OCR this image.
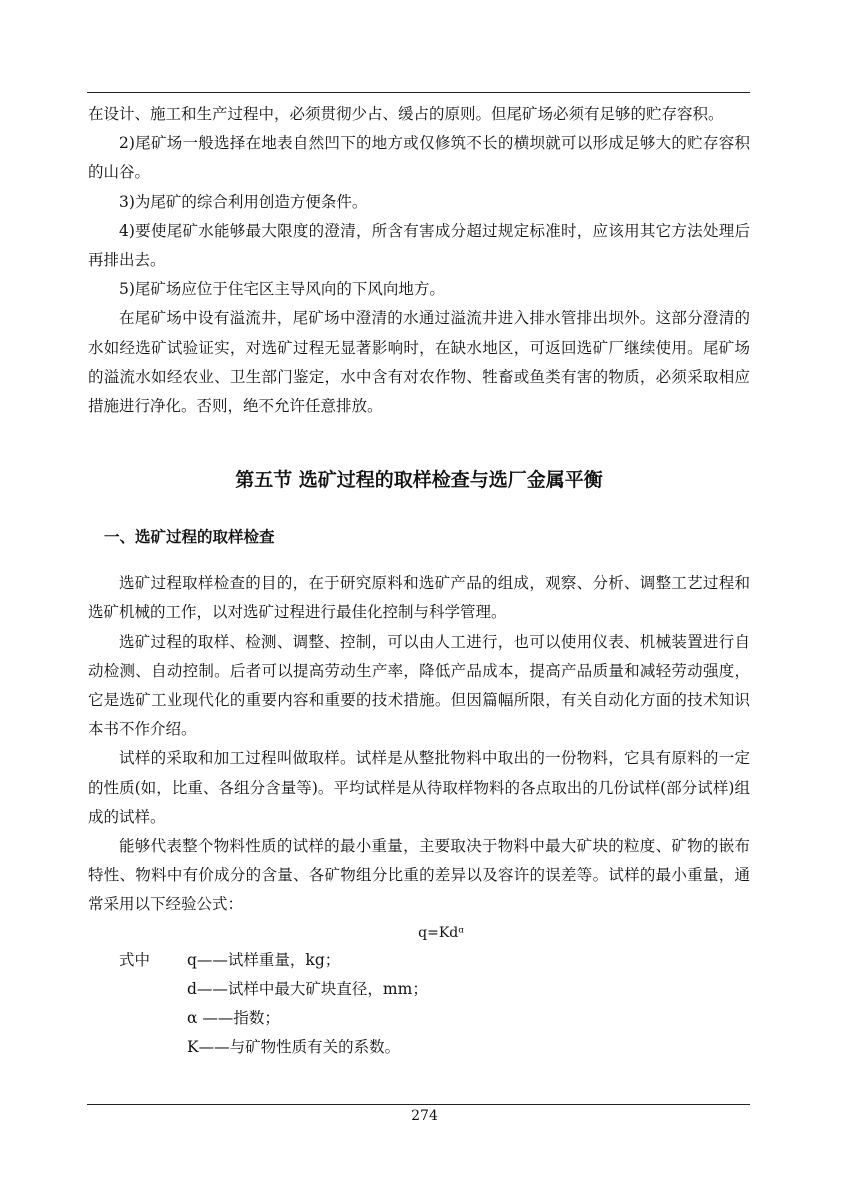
在设计、施工和生产过程中，必须贯彻少占、缓占的原则。但尾矿场必须有足够的贮存容积。

2)尾矿场一般选择在地表自然凹下的地方或仅修筑不长的横坝就可以形成足够大的贮存容积的山谷。

3)为尾矿的综合利用创造方便条件。

4)要使尾矿水能够最大限度的澄清，所含有害成分超过规定标准时，应该用其它方法处理后再排出去。

5)尾矿场应位于住宅区主导风向的下风向地方。

在尾矿场中设有溢流井，尾矿场中澄清的水通过溢流井进入排水管排出坝外。这部分澄清的水如经选矿试验证实，对选矿过程无显著影响时，在缺水地区，可返回选矿厂继续使用。尾矿场的溢流水如经农业、卫生部门鉴定，水中含有对农作物、牲畜或鱼类有害的物质，必须采取相应措施进行净化。否则，绝不允许任意排放。

第五节 选矿过程的取样检查与选厂金属平衡
一、选矿过程的取样检查

选矿过程取样检查的目的，在于研究原料和选矿产品的组成，观察、分析、调整工艺过程和选矿机械的工作，以对选矿过程进行最佳化控制与科学管理。

选矿过程的取样、检测、调整、控制，可以由人工进行，也可以使用仪表、机械装置进行自动检测、自动控制。后者可以提高劳动生产率，降低产品成本，提高产品质量和减轻劳动强度，它是选矿工业现代化的重要内容和重要的技术措施。但因篇幅所限，有关自动化方面的技术知识本书不作介绍。

试样的采取和加工过程叫做取样。试样是从整批物料中取出的一份物料，它具有原料的一定的性质(如，比重、各组分含量等)。平均试样是从待取样物料的各点取出的几份试样(部分试样)组成的试样。

能够代表整个物料性质的试样的最小重量，主要取决于物料中最大矿块的粒度、矿物的嵌布特性、物料中有价成分的含量、各矿物组分比重的差异以及容许的误差等。试样的最小重量，通常采用以下经验公式：

q=Kdᵅ
式中	q——试样重量，kg；
d——试样中最大矿块直径，mm；
α ——指数；
K——与矿物性质有关的系数。
274
